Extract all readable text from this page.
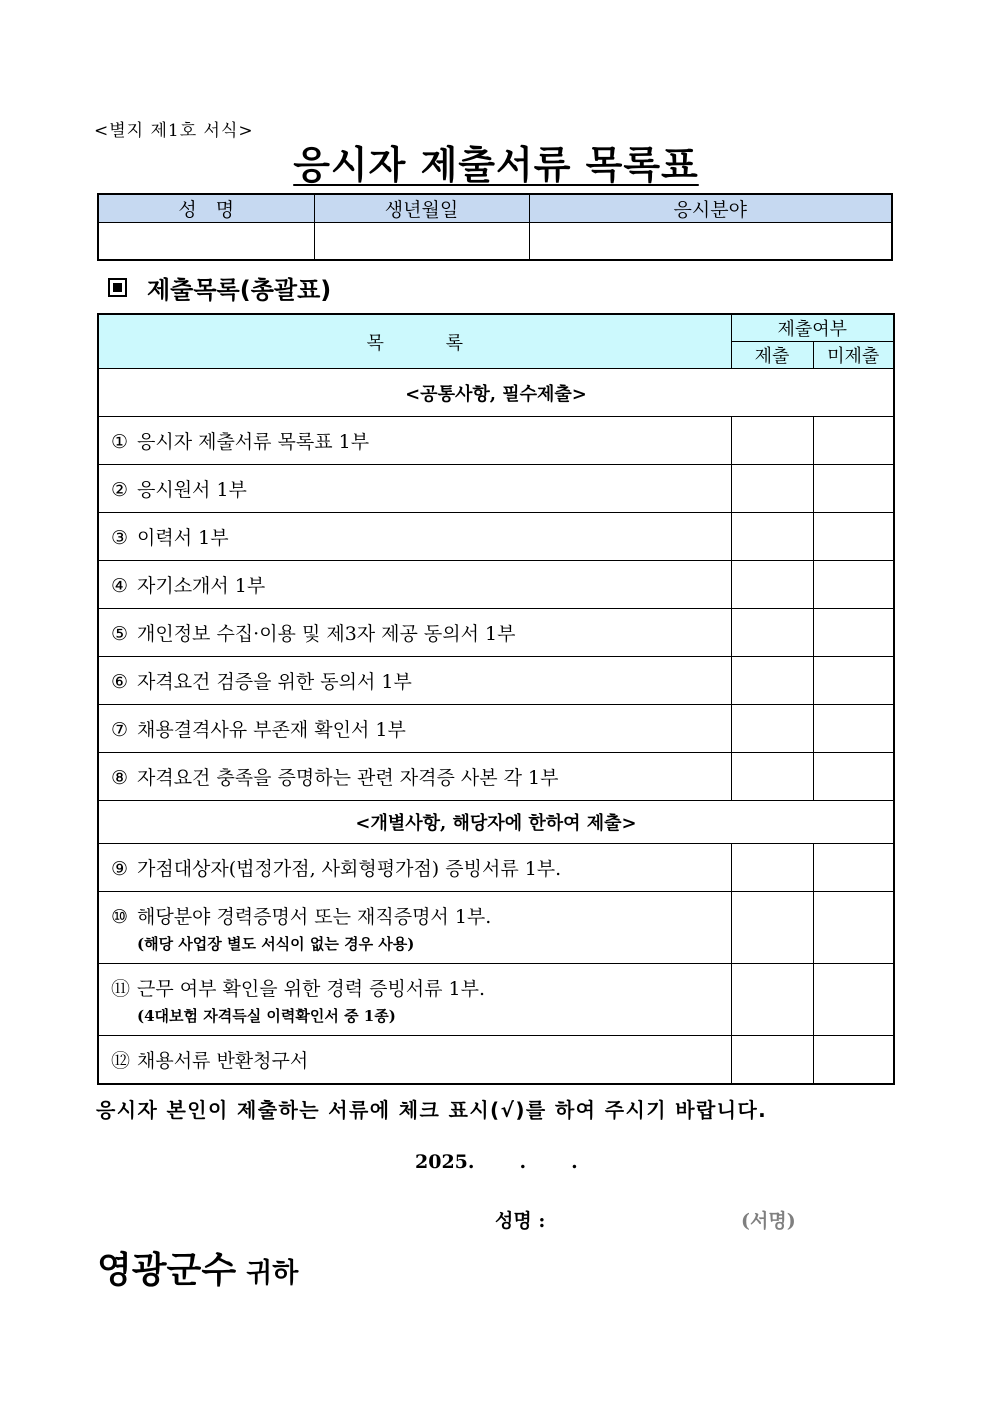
<별지 제1호 서식>
응시자 제출서류 목록표
성　명	생년월일	응시분야

제출목록(총괄표)
목 록	제출여부	
	제출	미제출
<공통사항, 필수제출>		
① 응시자 제출서류 목록표 1부		
② 응시원서 1부		
③ 이력서 1부		
④ 자기소개서 1부		
⑤ 개인정보 수집·이용 및 제3자 제공 동의서 1부		
⑥ 자격요건 검증을 위한 동의서 1부		
⑦ 채용결격사유 부존재 확인서 1부		
⑧ 자격요건 충족을 증명하는 관련 자격증 사본 각 1부		
<개별사항, 해당자에 한하여 제출>		
⑨ 가점대상자(법정가점, 사회형평가점) 증빙서류 1부.		
⑩ 해당분야 경력증명서 또는 재직증명서 1부.
(해당 사업장 별도 서식이 없는 경우 사용)		

⑪ 근무 여부 확인을 위한 경력 증빙서류 1부.
(4대보험 자격득실 이력확인서 중 1종)		

⑫ 채용서류 반환청구서		
응시자 본인이 제출하는 서류에 체크 표시(√)를 하여 주시기 바랍니다.
2025. . .
성명 :	(서명)
영광군수 귀하
